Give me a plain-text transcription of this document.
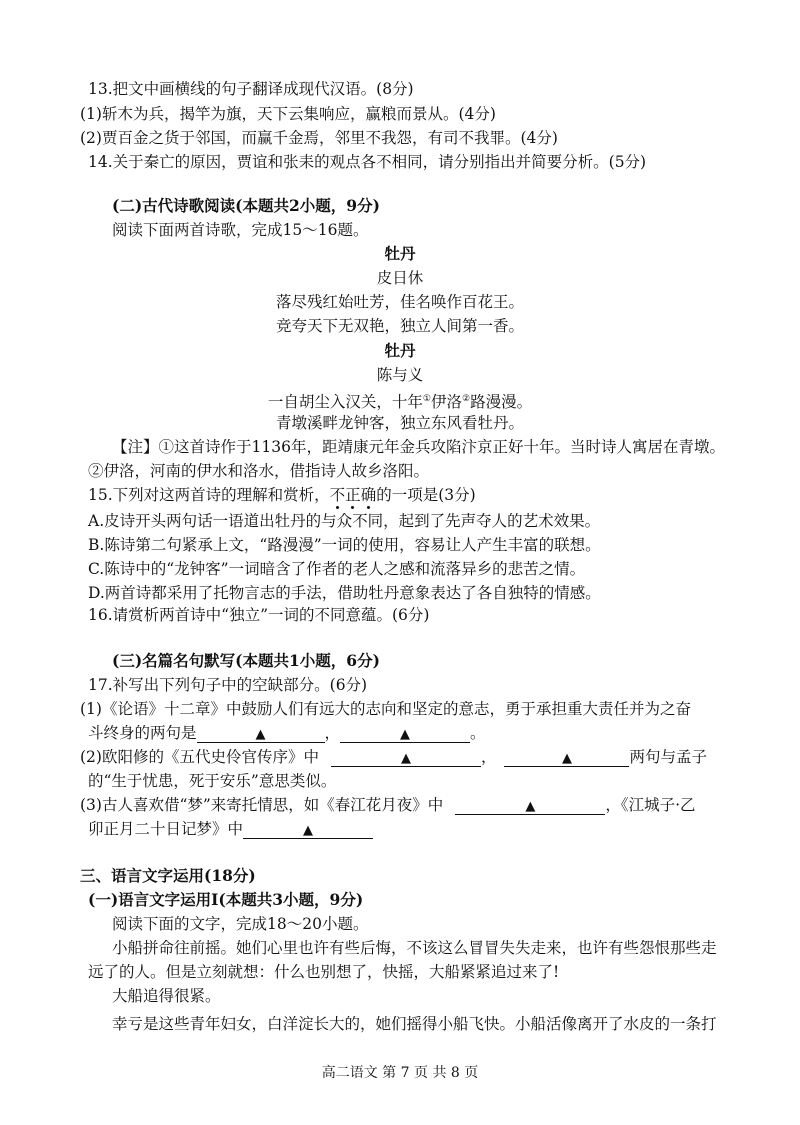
13.把文中画横线的句子翻译成现代汉语。(8分)
(1)斩木为兵，揭竿为旗，天下云集响应，赢粮而景从。(4分)
(2)贾百金之货于邻国，而赢千金焉，邻里不我怨，有司不我罪。(4分)
14.关于秦亡的原因，贾谊和张耒的观点各不相同，请分别指出并简要分析。(5分)
(二)古代诗歌阅读(本题共2小题，9分)
阅读下面两首诗歌，完成15～16题。
牡丹
皮日休
落尽残红始吐芳，佳名唤作百花王。
竞夸天下无双艳，独立人间第一香。
牡丹
陈与义
一自胡尘入汉关，十年①伊洛②路漫漫。
青墩溪畔龙钟客，独立东风看牡丹。
【注】①这首诗作于1136年，距靖康元年金兵攻陷汴京正好十年。当时诗人寓居在青墩。
②伊洛，河南的伊水和洛水，借指诗人故乡洛阳。
15.下列对这两首诗的理解和赏析，不正确的一项是(3分)
A.皮诗开头两句话一语道出牡丹的与众不同，起到了先声夺人的艺术效果。
B.陈诗第二句紧承上文，“路漫漫”一词的使用，容易让人产生丰富的联想。
C.陈诗中的“龙钟客”一词暗含了作者的老人之感和流落异乡的悲苦之情。
D.两首诗都采用了托物言志的手法，借助牡丹意象表达了各自独特的情感。
16.请赏析两首诗中“独立”一词的不同意蕴。(6分)
(三)名篇名句默写(本题共1小题，6分)
17.补写出下列句子中的空缺部分。(6分)
(1)《论语》十二章》中鼓励人们有远大的志向和坚定的意志，勇于承担重大责任并为之奋
斗终身的两句是	▲	，	▲	。
(2)欧阳修的《五代史伶官传序》中	▲	，	▲	两句与孟子
的“生于忧患，死于安乐”意思类似。
(3)古人喜欢借“梦”来寄托情思，如《春江花月夜》中	▲	，《江城子·乙
卯正月二十日记梦》中	▲
三、语言文字运用(18分)
(一)语言文字运用Ⅰ(本题共3小题，9分)
阅读下面的文字，完成18～20小题。
小船拼命往前摇。她们心里也许有些后悔，不该这么冒冒失失走来，也许有些怨恨那些走
远了的人。但是立刻就想：什么也别想了，快摇，大船紧紧追过来了!
大船追得很紧。
幸亏是这些青年妇女，白洋淀长大的，她们摇得小船飞快。小船活像离开了水皮的一条打
高二语文 第 7 页 共 8 页
